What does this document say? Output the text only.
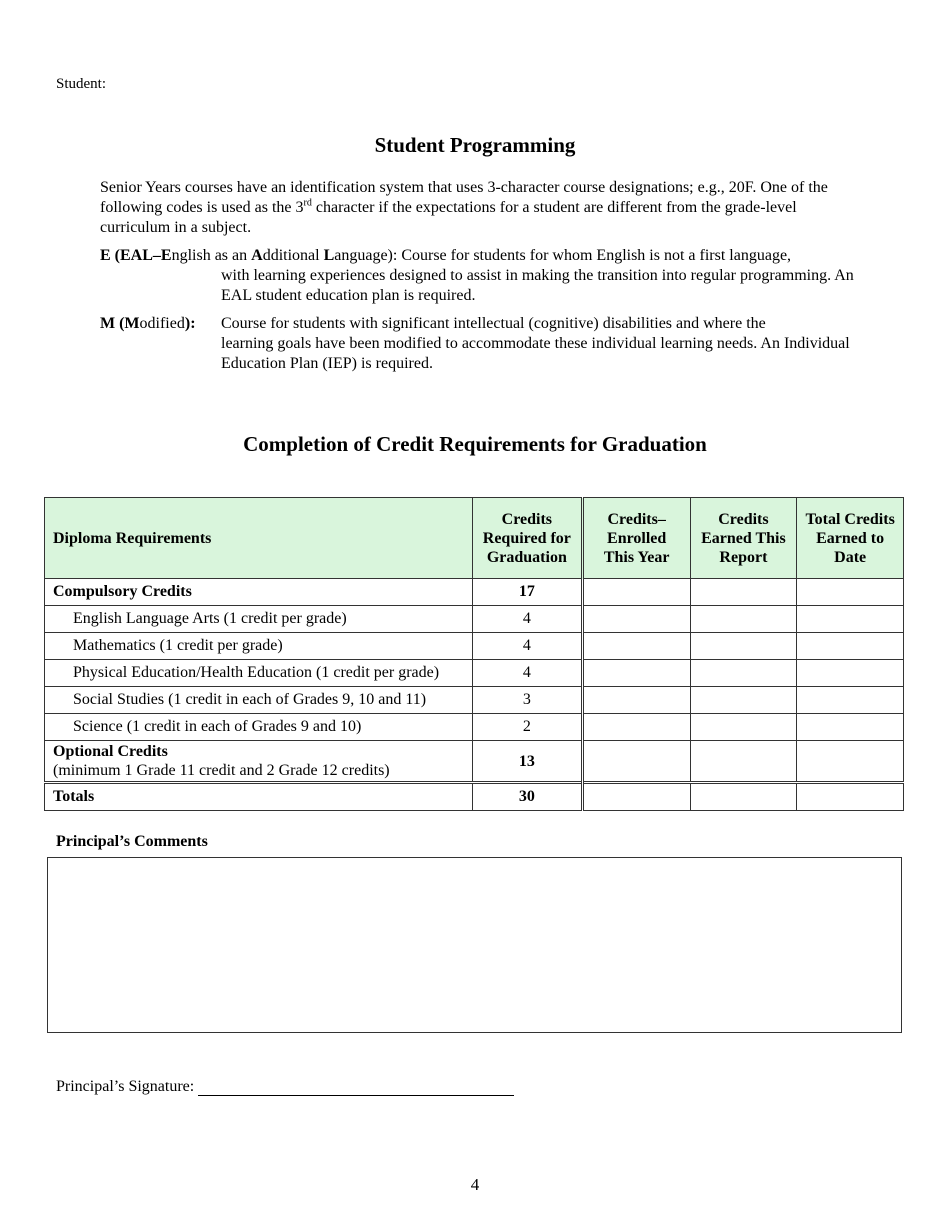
Student:
Student Programming
Senior Years courses have an identification system that uses 3-character course designations; e.g., 20F. One of the following codes is used as the 3rd character if the expectations for a student are different from the grade-level curriculum in a subject.
E (EAL–English as an Additional Language): Course for students for whom English is not a first language,
with learning experiences designed to assist in making the transition into regular programming. An EAL student education plan is required.
M (Modified): Course for students with significant intellectual (cognitive) disabilities and where the
learning goals have been modified to accommodate these individual learning needs. An Individual Education Plan (IEP) is required.
Completion of Credit Requirements for Graduation
Diploma Requirements	Credits Required for Graduation	Credits– Enrolled This Year	Credits Earned This Report	Total Credits Earned to Date
Compulsory Credits	17			
English Language Arts (1 credit per grade)	4			
Mathematics (1 credit per grade)	4			
Physical Education/Health Education (1 credit per grade)	4			
Social Studies (1 credit in each of Grades 9, 10 and 11)	3			
Science (1 credit in each of Grades 9 and 10)	2			

Optional Credits
(minimum 1 Grade 11 credit and 2 Grade 12 credits)	13			
Totals	30			
Principal’s Comments
Principal’s Signature:
4
